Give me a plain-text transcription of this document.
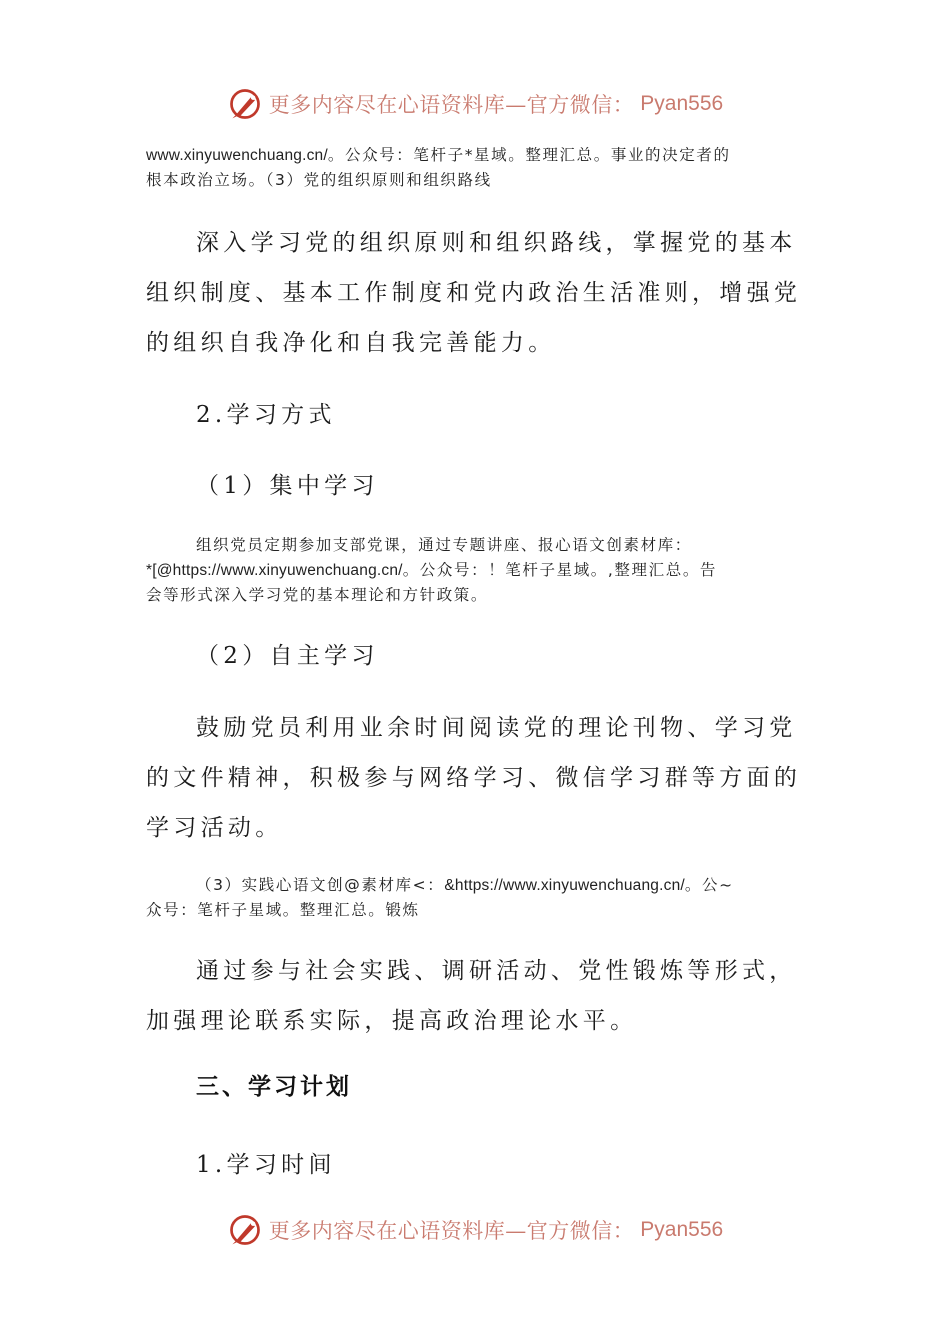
更多内容尽在心语资料库—官方微信： Pyan556
www.xinyuwenchuang.cn/。公众号：笔杆子*星域。整理汇总。事业的决定者的
根本政治立场。（3）党的组织原则和组织路线
深入学习党的组织原则和组织路线，掌握党的基本组织制度、基本工作制度和党内政治生活准则，增强党的组织自我净化和自我完善能力。
2.学习方式
（1）集中学习
组织党员定期参加支部党课，通过专题讲座、报心语文创素材库：
*[@https://www.xinyuwenchuang.cn/。公众号：！笔杆子星域。,整理汇总。告
会等形式深入学习党的基本理论和方针政策。
（2）自主学习
鼓励党员利用业余时间阅读党的理论刊物、学习党的文件精神，积极参与网络学习、微信学习群等方面的学习活动。
（3）实践心语文创@素材库<：&https://www.xinyuwenchuang.cn/。公~
众号：笔杆子星域。整理汇总。锻炼
通过参与社会实践、调研活动、党性锻炼等形式，加强理论联系实际，提高政治理论水平。
三、学习计划
1.学习时间
更多内容尽在心语资料库—官方微信： Pyan556
